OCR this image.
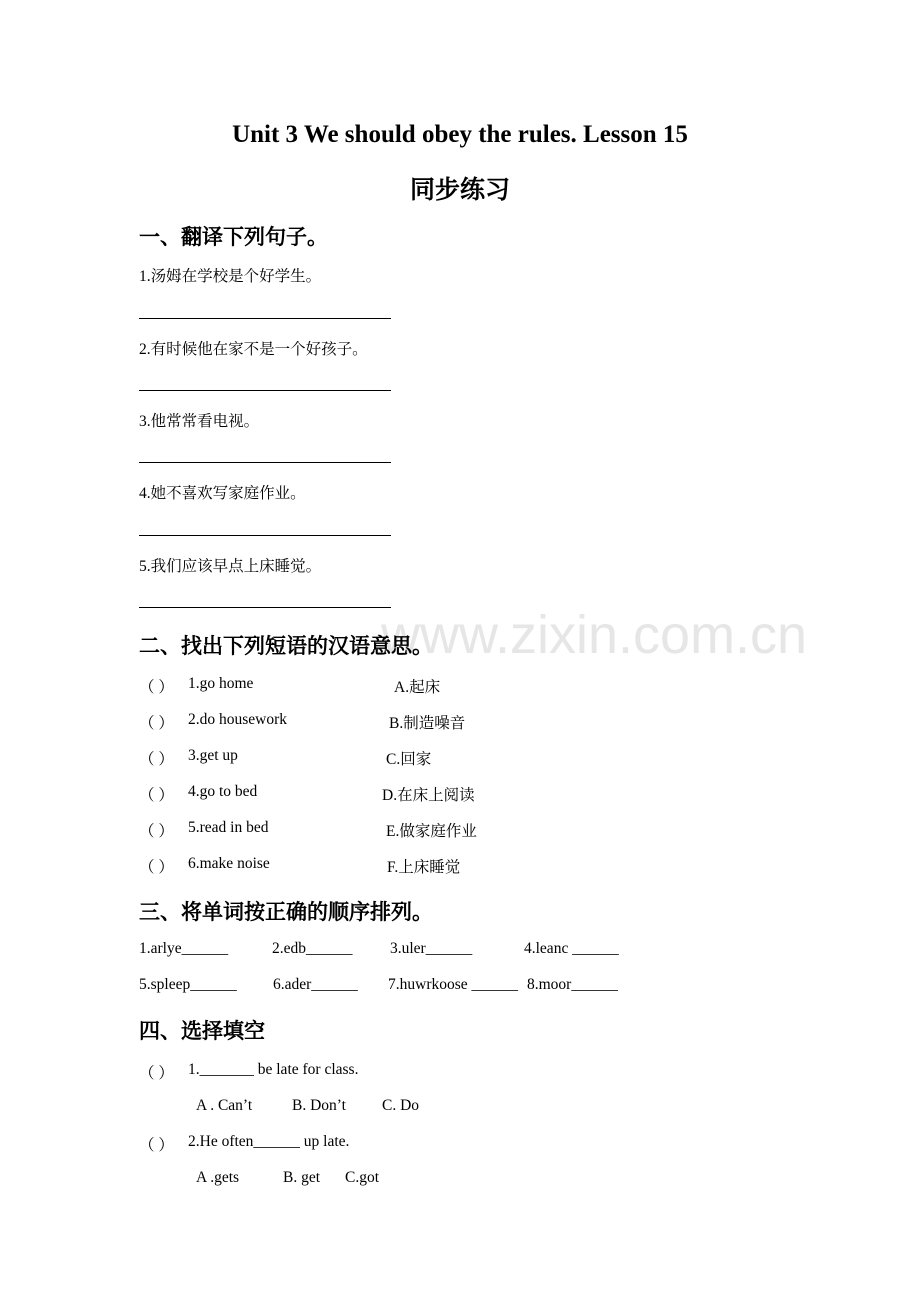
www.zixin.com.cn
Unit 3 We should obey the rules. Lesson 15
同步练习
一、翻译下列句子。
1.汤姆在学校是个好学生。
2.有时候他在家不是一个好孩子。
3.他常常看电视。
4.她不喜欢写家庭作业。
5.我们应该早点上床睡觉。
二、找出下列短语的汉语意思。
（ ） 1.go home	A.起床
（ ） 2.do housework	B.制造噪音
（ ） 3.get up	C.回家
（ ） 4.go to bed	D.在床上阅读
（ ） 5.read in bed	E.做家庭作业
（ ） 6.make noise	F.上床睡觉
三、将单词按正确的顺序排列。
1.arlye______	2.edb______ 3.uler______	4.leanc ______
5.spleep______ 6.ader______ 7.huwrkoose ______ 8.moor______
四、选择填空
（ ） 1._______ be late for class.
A . Can’t	B. Don’t C. Do
（ ） 2.He often______ up late.
A .gets	B. get C.got
